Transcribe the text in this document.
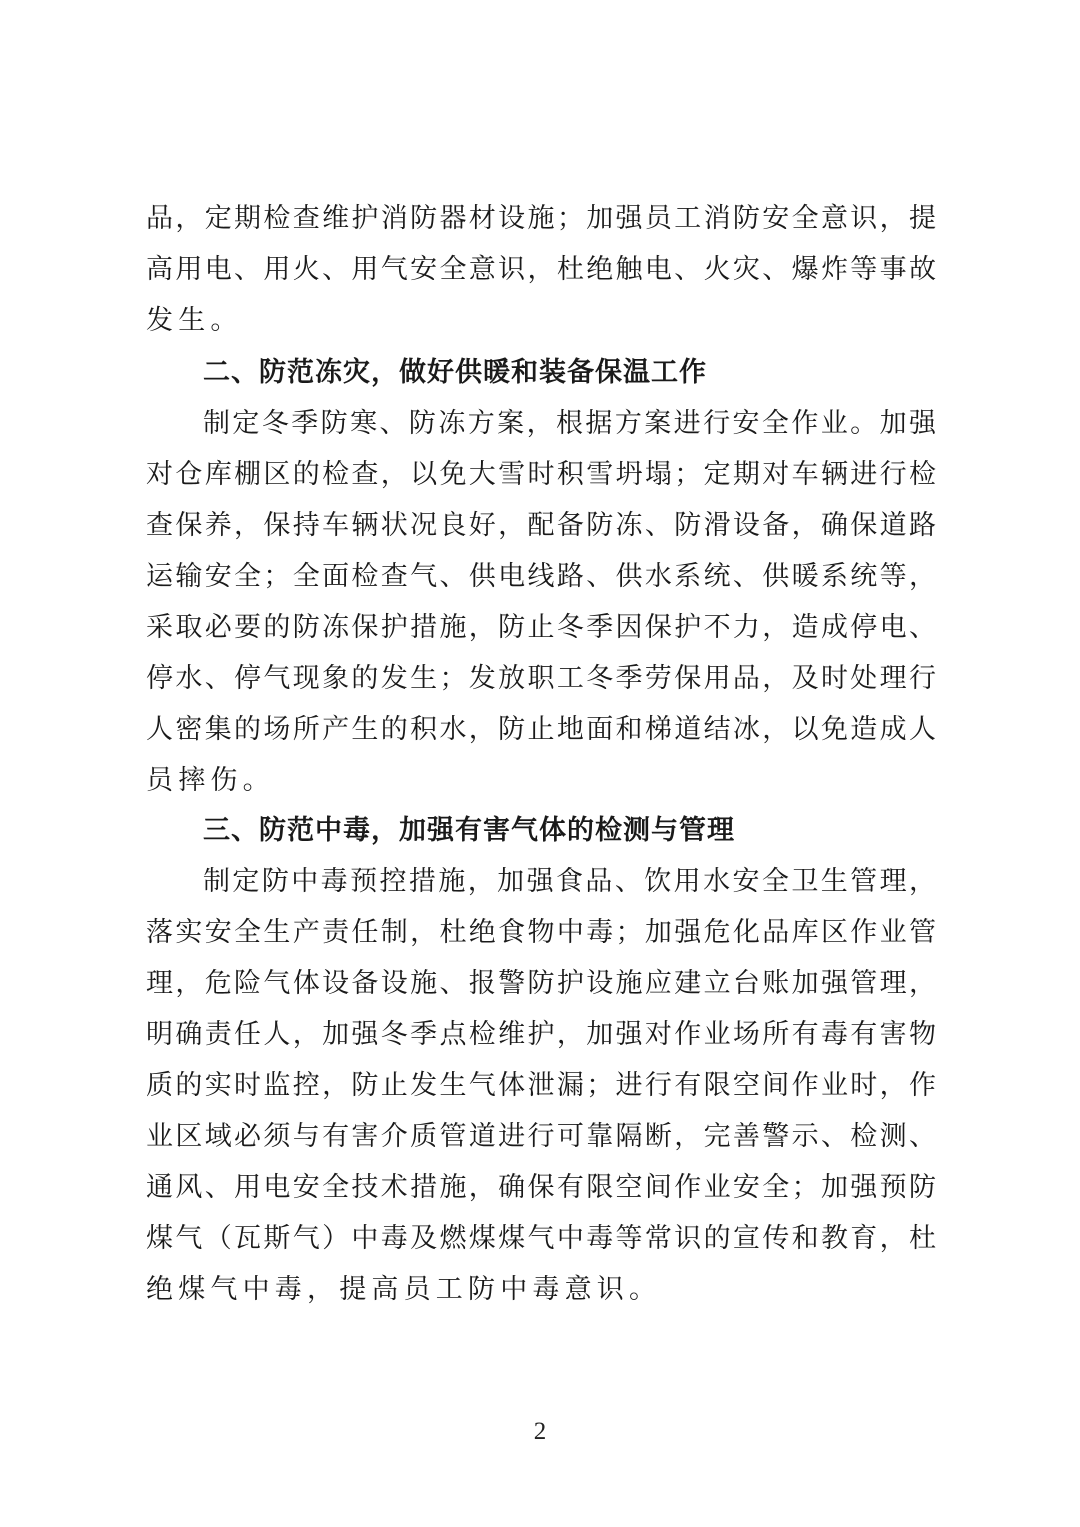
品，定期检查维护消防器材设施；加强员工消防安全意识，提
高用电、用火、用气安全意识，杜绝触电、火灾、爆炸等事故
发生。
二、防范冻灾，做好供暖和装备保温工作
制定冬季防寒、防冻方案，根据方案进行安全作业。加强
对仓库棚区的检查，以免大雪时积雪坍塌；定期对车辆进行检
查保养，保持车辆状况良好，配备防冻、防滑设备，确保道路
运输安全；全面检查气、供电线路、供水系统、供暖系统等，
采取必要的防冻保护措施，防止冬季因保护不力，造成停电、
停水、停气现象的发生；发放职工冬季劳保用品，及时处理行
人密集的场所产生的积水，防止地面和梯道结冰，以免造成人
员摔伤。
三、防范中毒，加强有害气体的检测与管理
制定防中毒预控措施，加强食品、饮用水安全卫生管理，
落实安全生产责任制，杜绝食物中毒；加强危化品库区作业管
理，危险气体设备设施、报警防护设施应建立台账加强管理，
明确责任人，加强冬季点检维护，加强对作业场所有毒有害物
质的实时监控，防止发生气体泄漏；进行有限空间作业时，作
业区域必须与有害介质管道进行可靠隔断，完善警示、检测、
通风、用电安全技术措施，确保有限空间作业安全；加强预防
煤气（瓦斯气）中毒及燃煤煤气中毒等常识的宣传和教育，杜
绝煤气中毒，提高员工防中毒意识。
2
